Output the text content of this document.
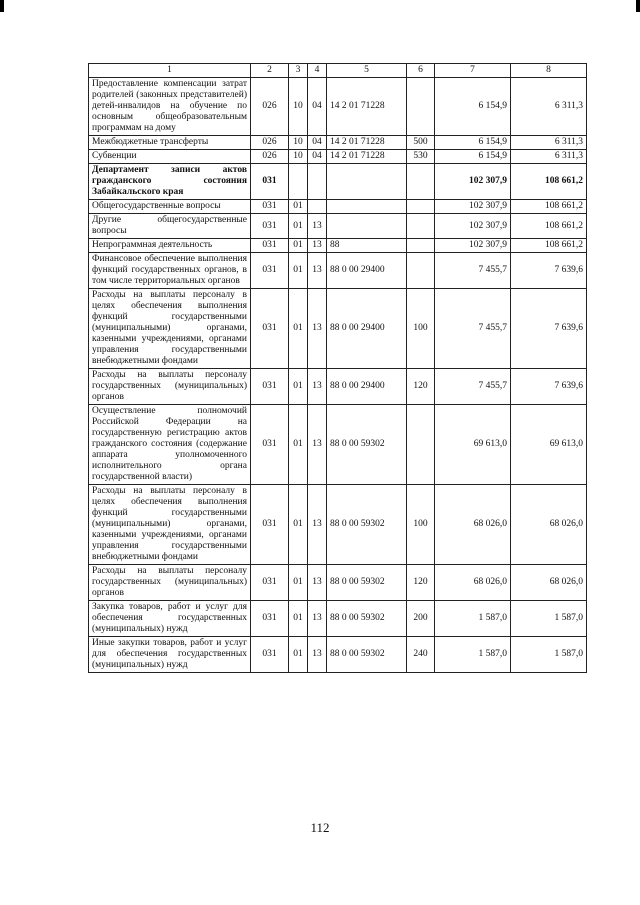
1	2	3	4	5	6	7	8
Предоставление компенсации затрат родителей (законных представителей) детей-инвалидов на обучение по основным общеобразовательным программам на дому	026	10	04	14 2 01 71228		6 154,9	6 311,3
Межбюджетные трансферты	026	10	04	14 2 01 71228	500	6 154,9	6 311,3
Субвенции	026	10	04	14 2 01 71228	530	6 154,9	6 311,3
Департамент записи актов гражданского состояния Забайкальского края	031					102 307,9	108 661,2
Общегосударственные вопросы	031	01				102 307,9	108 661,2
Другие общегосударственные вопросы	031	01	13			102 307,9	108 661,2
Непрограммная деятельность	031	01	13	88		102 307,9	108 661,2
Финансовое обеспечение выполнения функций государственных органов, в том числе территориальных органов	031	01	13	88 0 00 29400		7 455,7	7 639,6
Расходы на выплаты персоналу в целях обеспечения выполнения функций государственными (муниципальными) органами, казенными учреждениями, органами управления государственными внебюджетными фондами	031	01	13	88 0 00 29400	100	7 455,7	7 639,6
Расходы на выплаты персоналу государственных (муниципальных) органов	031	01	13	88 0 00 29400	120	7 455,7	7 639,6
Осуществление полномочий Российской Федерации на государственную регистрацию актов гражданского состояния (содержание аппарата уполномоченного исполнительного органа государственной власти)	031	01	13	88 0 00 59302		69 613,0	69 613,0
Расходы на выплаты персоналу в целях обеспечения выполнения функций государственными (муниципальными) органами, казенными учреждениями, органами управления государственными внебюджетными фондами	031	01	13	88 0 00 59302	100	68 026,0	68 026,0
Расходы на выплаты персоналу государственных (муниципальных) органов	031	01	13	88 0 00 59302	120	68 026,0	68 026,0
Закупка товаров, работ и услуг для обеспечения государственных (муниципальных) нужд	031	01	13	88 0 00 59302	200	1 587,0	1 587,0
Иные закупки товаров, работ и услуг для обеспечения государственных (муниципальных) нужд	031	01	13	88 0 00 59302	240	1 587,0	1 587,0
112
